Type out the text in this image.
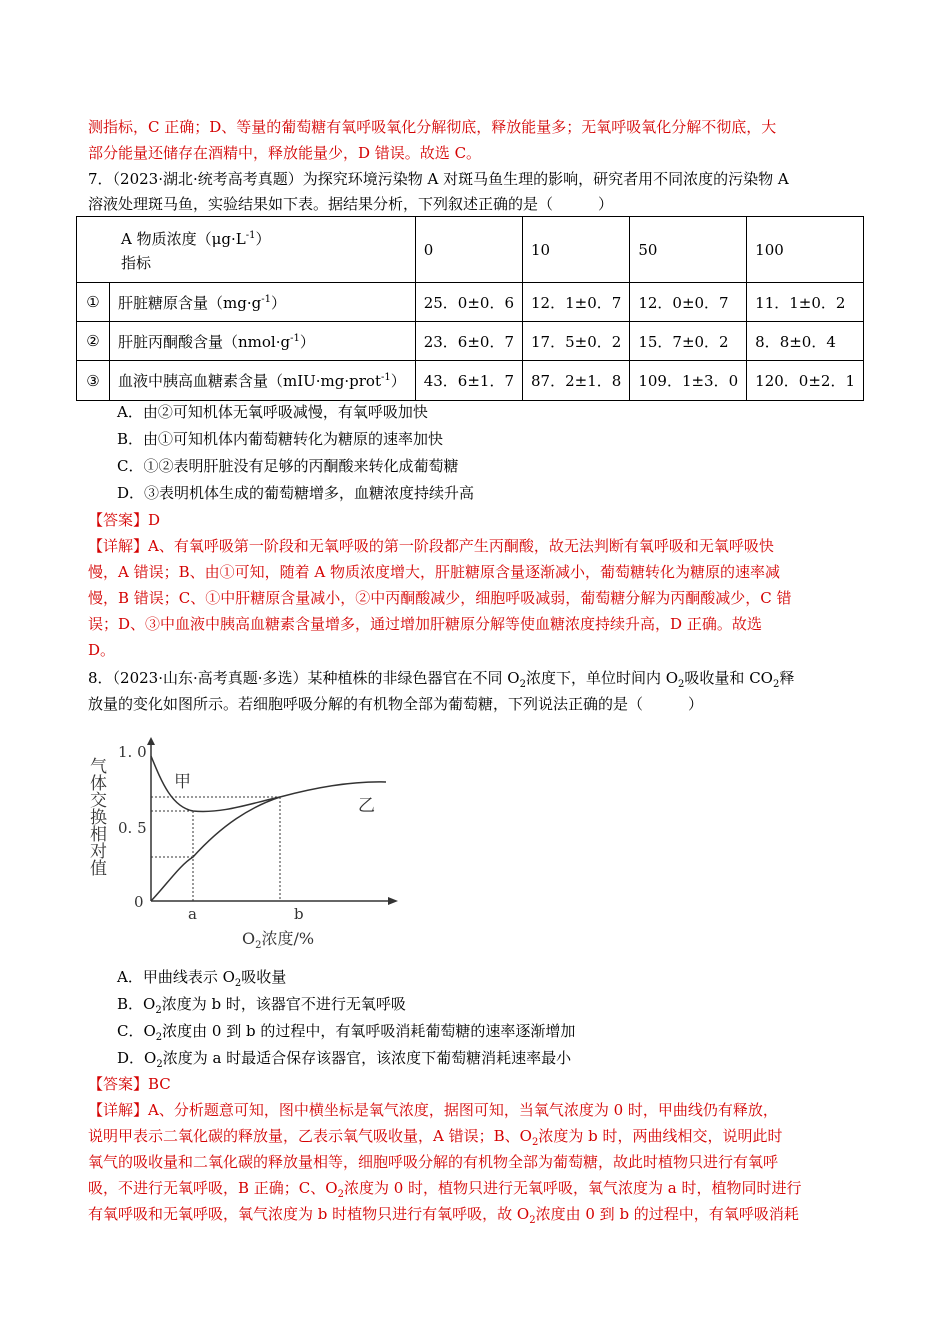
测指标，C 正确；D、等量的葡萄糖有氧呼吸氧化分解彻底，释放能量多；无氧呼吸氧化分解不彻底，大
部分能量还储存在酒精中，释放能量少，D 错误。故选 C。
7．（2023·湖北·统考高考真题）为探究环境污染物 A 对斑马鱼生理的影响，研究者用不同浓度的污染物 A
溶液处理斑马鱼，实验结果如下表。据结果分析，下列叙述正确的是（　　　）
A 物质浓度$(\mu g\cdot L^{-1})$
指标		0	10	50	100
①	肝脏糖原含量$(mg\cdot g^{-1})$	25．0±0．6	12．1±0．7	12．0±0．7	11．1±0．2
②	肝脏丙酮酸含量$(nmol\cdot g^{-1})$	23．6±0．7	17．5±0．2	15．7±0．2	8．8±0．4
③	血液中胰高血糖素含量（mIU·mg·prot$^{-1}$）	43．6±1．7	87．2±1．8	109．1±3．0	120．0±2．1
A．由②可知机体无氧呼吸减慢，有氧呼吸加快
B．由①可知机体内葡萄糖转化为糖原的速率加快
C．①②表明肝脏没有足够的丙酮酸来转化成葡萄糖
D．③表明机体生成的葡萄糖增多，血糖浓度持续升高
【答案】D
【详解】A、有氧呼吸第一阶段和无氧呼吸的第一阶段都产生丙酮酸，故无法判断有氧呼吸和无氧呼吸快
慢，A 错误；B、由①可知，随着 A 物质浓度增大，肝脏糖原含量逐渐减小，葡萄糖转化为糖原的速率减
慢，B 错误；C、①中肝糖原含量减小，②中丙酮酸减少，细胞呼吸减弱，葡萄糖分解为丙酮酸减少，C 错
误；D、③中血液中胰高血糖素含量增多，通过增加肝糖原分解等使血糖浓度持续升高，D 正确。故选
D。
8．（2023·山东·高考真题·多选）某种植株的非绿色器官在不同 $O_2$浓度下，单位时间内 $O_2$吸收量和 $CO_2$释
放量的变化如图所示。若细胞呼吸分解的有机物全部为葡萄糖，下列说法正确的是（　　　）
气体交换相对值
1. 0
0. 5
0
a	b
$O_2$浓度/%
甲
乙
A．甲曲线表示 $O_2$吸收量
B．$O_2$浓度为 b 时，该器官不进行无氧呼吸
C．$O_2$浓度由 0 到 b 的过程中，有氧呼吸消耗葡萄糖的速率逐渐增加
D．$O_2$浓度为 a 时最适合保存该器官，该浓度下葡萄糖消耗速率最小
【答案】BC
【详解】A、分析题意可知，图中横坐标是氧气浓度，据图可知，当氧气浓度为 0 时，甲曲线仍有释放，
说明甲表示二氧化碳的释放量，乙表示氧气吸收量，A 错误；B、$O_2$浓度为 b 时，两曲线相交，说明此时
氧气的吸收量和二氧化碳的释放量相等，细胞呼吸分解的有机物全部为葡萄糖，故此时植物只进行有氧呼
吸，不进行无氧呼吸，B 正确；C、$O_2$浓度为 0 时，植物只进行无氧呼吸，氧气浓度为 a 时，植物同时进行
有氧呼吸和无氧呼吸，氧气浓度为 b 时植物只进行有氧呼吸，故 $O_2$浓度由 0 到 b 的过程中，有氧呼吸消耗
